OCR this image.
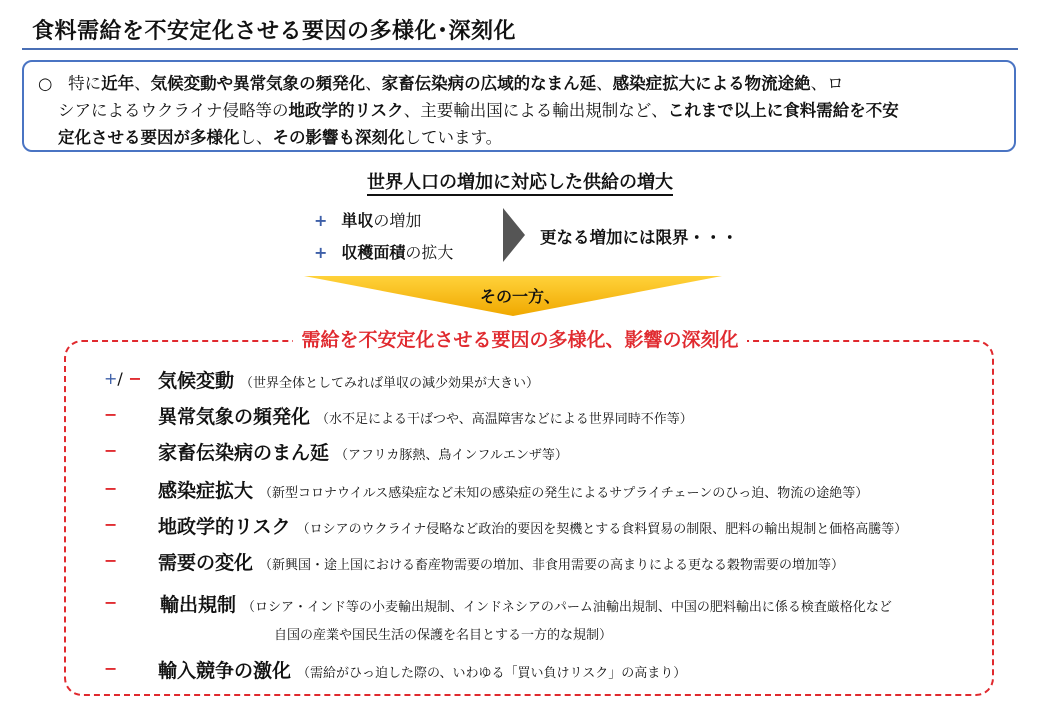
食料需給を不安定化させる要因の多様化･深刻化
○ 特に近年、気候変動や異常気象の頻発化、家畜伝染病の広域的なまん延、感染症拡大による物流途絶、ロ
シアによるウクライナ侵略等の地政学的リスク、主要輸出国による輸出規制など、これまで以上に食料需給を不安
定化させる要因が多様化し、その影響も深刻化しています。
世界人口の増加に対応した供給の増大
+ 単収の増加
+ 収穫面積の拡大
更なる増加には限界・・・
その一方、
需給を不安定化させる要因の多様化、影響の深刻化
+/ − 気候変動 （世界全体としてみれば単収の減少効果が大きい）
−	異常気象の頻発化 （水不足による干ばつや、高温障害などによる世界同時不作等）
−	家畜伝染病のまん延 （アフリカ豚熱、鳥インフルエンザ等）
−	感染症拡大 （新型コロナウイルス感染症など未知の感染症の発生によるサプライチェーンのひっ迫、物流の途絶等）
−	地政学的リスク （ロシアのウクライナ侵略など政治的要因を契機とする食料貿易の制限、肥料の輸出規制と価格高騰等）
−	需要の変化 （新興国・途上国における畜産物需要の増加、非食用需要の高まりによる更なる穀物需要の増加等）
−	輸出規制 （ロシア・インド等の小麦輸出規制、インドネシアのパーム油輸出規制、中国の肥料輸出に係る検査厳格化など
自国の産業や国民生活の保護を名目とする一方的な規制）
−	輸入競争の激化 （需給がひっ迫した際の、いわゆる「買い負けリスク」の高まり）
